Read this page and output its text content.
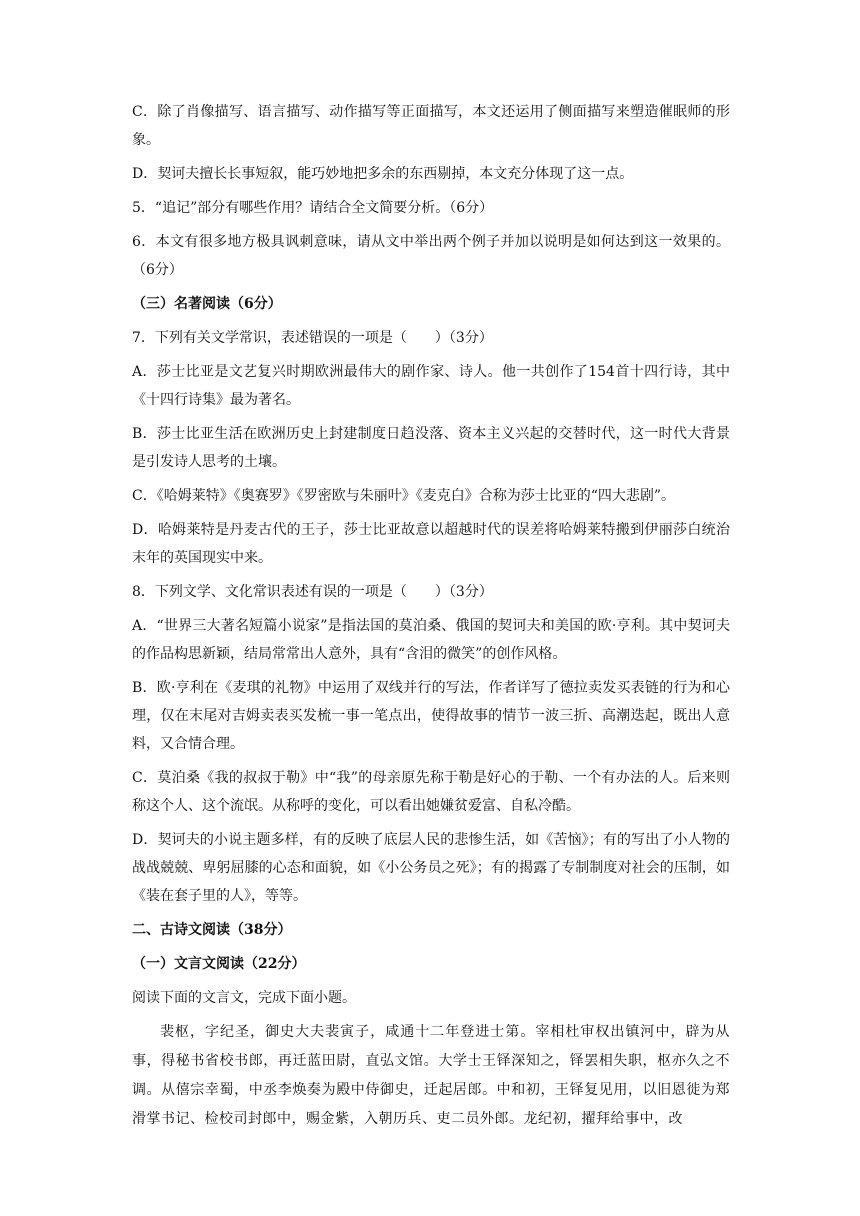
C．除了肖像描写、语言描写、动作描写等正面描写，本文还运用了侧面描写来塑造催眠师的形象。

D．契诃夫擅长长事短叙，能巧妙地把多余的东西剔掉，本文充分体现了这一点。

5．“追记”部分有哪些作用？请结合全文简要分析。（6分）

6．本文有很多地方极具讽刺意味，请从文中举出两个例子并加以说明是如何达到这一效果的。（6分）

（三）名著阅读（6分）

7．下列有关文学常识，表述错误的一项是（　　）（3分）

A．莎士比亚是文艺复兴时期欧洲最伟大的剧作家、诗人。他一共创作了154首十四行诗，其中《十四行诗集》最为著名。

B．莎士比亚生活在欧洲历史上封建制度日趋没落、资本主义兴起的交替时代，这一时代大背景是引发诗人思考的土壤。

C．《哈姆莱特》《奥赛罗》《罗密欧与朱丽叶》《麦克白》合称为莎士比亚的“四大悲剧”。

D．哈姆莱特是丹麦古代的王子，莎士比亚故意以超越时代的误差将哈姆莱特搬到伊丽莎白统治末年的英国现实中来。

8．下列文学、文化常识表述有误的一项是（　　）（3分）

A．“世界三大著名短篇小说家”是指法国的莫泊桑、俄国的契诃夫和美国的欧·亨利。其中契诃夫的作品构思新颖，结局常常出人意外，具有“含泪的微笑”的创作风格。

B．欧·亨利在《麦琪的礼物》中运用了双线并行的写法，作者详写了德拉卖发买表链的行为和心理，仅在末尾对吉姆卖表买发梳一事一笔点出，使得故事的情节一波三折、高潮迭起，既出人意料，又合情合理。

C．莫泊桑《我的叔叔于勒》中“我”的母亲原先称于勒是好心的于勒、一个有办法的人。后来则称这个人、这个流氓。从称呼的变化，可以看出她嫌贫爱富、自私冷酷。

D．契诃夫的小说主题多样，有的反映了底层人民的悲惨生活，如《苦恼》；有的写出了小人物的战战兢兢、卑躬屈膝的心态和面貌，如《小公务员之死》；有的揭露了专制制度对社会的压制，如《装在套子里的人》，等等。

二、古诗文阅读（38分）

（一）文言文阅读（22分）

阅读下面的文言文，完成下面小题。

裴枢，字纪圣，御史大夫裴寅子，咸通十二年登进士第。宰相杜审权出镇河中，辟为从事，得秘书省校书郎，再迁蓝田尉，直弘文馆。大学士王铎深知之，铎罢相失职，枢亦久之不调。从僖宗幸蜀，中丞李焕奏为殿中侍御史，迁起居郎。中和初，王铎复见用，以旧恩徙为郑滑掌书记、检校司封郎中，赐金紫，入朝历兵、吏二员外郎。龙纪初，擢拜给事中，改
